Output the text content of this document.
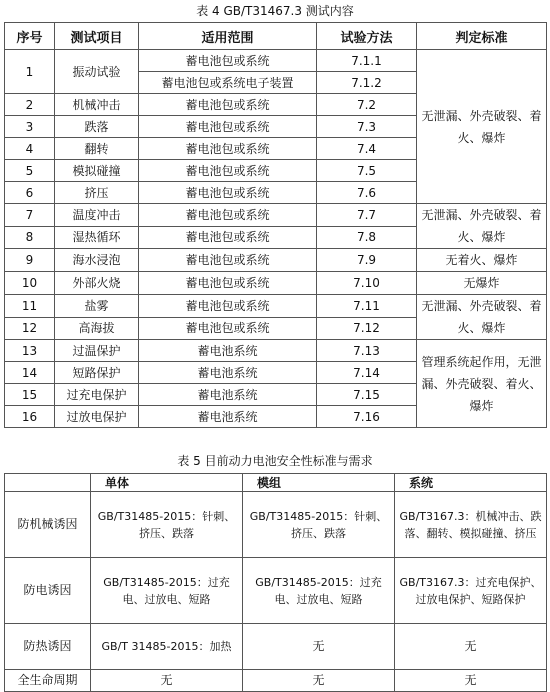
表 4 GB/T31467.3 测试内容
序号	测试项目	适用范围	试验方法	判定标准
1	振动试验	蓄电池包或系统	7.1.1	无泄漏、外壳破裂、着火、爆炸
		蓄电池包或系统电子装置	7.1.2	
2	机械冲击	蓄电池包或系统	7.2	
3	跌落	蓄电池包或系统	7.3	
4	翻转	蓄电池包或系统	7.4	
5	模拟碰撞	蓄电池包或系统	7.5	
6	挤压	蓄电池包或系统	7.6	
7	温度冲击	蓄电池包或系统	7.7	无泄漏、外壳破裂、着火、爆炸
8	湿热循环	蓄电池包或系统	7.8	
9	海水浸泡	蓄电池包或系统	7.9	无着火、爆炸
10	外部火烧	蓄电池包或系统	7.10	无爆炸
11	盐雾	蓄电池包或系统	7.11	无泄漏、外壳破裂、着火、爆炸
12	高海拔	蓄电池包或系统	7.12	
13	过温保护	蓄电池系统	7.13	管理系统起作用，无泄漏、外壳破裂、着火、爆炸
14	短路保护	蓄电池系统	7.14	
15	过充电保护	蓄电池系统	7.15	
16	过放电保护	蓄电池系统	7.16	
表 5 目前动力电池安全性标准与需求
	单体	模组	系统
防机械诱因	GB/T31485-2015：针刺、挤压、跌落	GB/T31485-2015：针刺、挤压、跌落	GB/T3167.3：机械冲击、跌落、翻转、模拟碰撞、挤压
防电诱因	GB/T31485-2015：过充电、过放电、短路	GB/T31485-2015：过充电、过放电、短路	GB/T3167.3：过充电保护、过放电保护、短路保护
防热诱因	GB/T 31485-2015：加热	无	无
全生命周期	无	无	无
